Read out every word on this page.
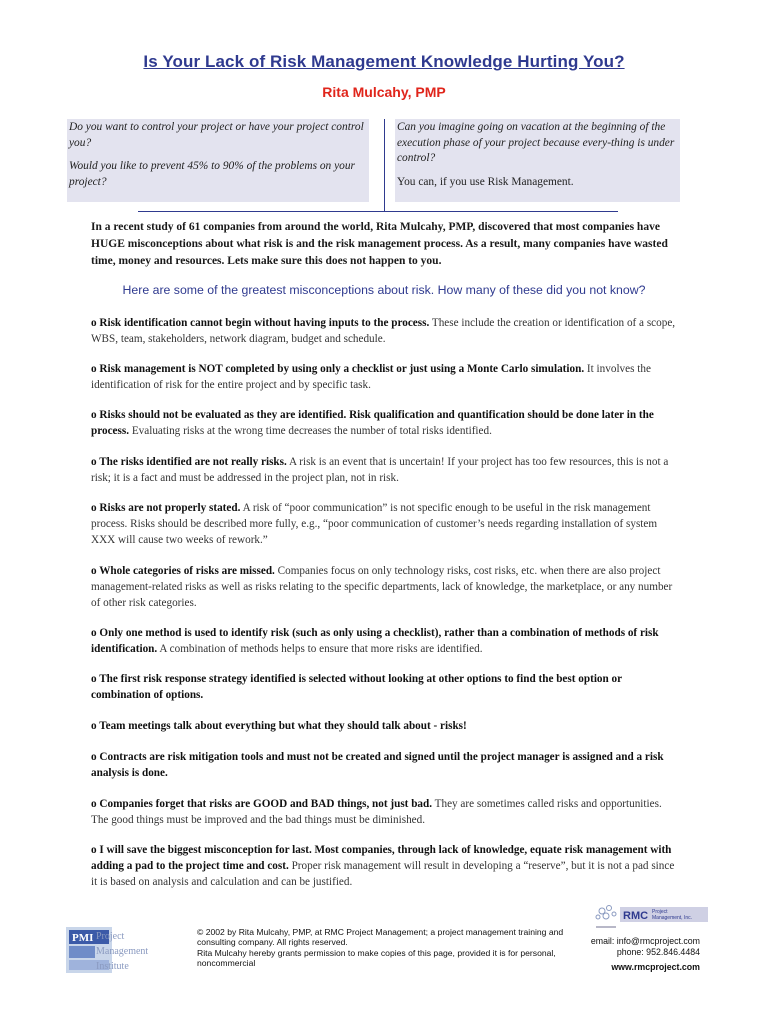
Is Your Lack of Risk Management Knowledge Hurting You?
Rita Mulcahy, PMP

Do you want to control your project or have your project control you?

Would you like to prevent 45% to 90% of the problems on your project?

Can you imagine going on vacation at the beginning of the execution phase of your project because every-thing is under control?

You can, if you use Risk Management.

In a recent study of 61 companies from around the world, Rita Mulcahy, PMP, discovered that most companies have HUGE misconceptions about what risk is and the risk management process. As a result, many companies have wasted time, money and resources. Lets make sure this does not happen to you.
Here are some of the greatest misconceptions about risk. How many of these did you not know?
o Risk identification cannot begin without having inputs to the process. These include the creation or identification of a scope, WBS, team, stakeholders, network diagram, budget and schedule.
o Risk management is NOT completed by using only a checklist or just using a Monte Carlo simulation. It involves the identification of risk for the entire project and by specific task.
o Risks should not be evaluated as they are identified. Risk qualification and quantification should be done later in the process. Evaluating risks at the wrong time decreases the number of total risks identified.
o The risks identified are not really risks. A risk is an event that is uncertain! If your project has too few resources, this is not a risk; it is a fact and must be addressed in the project plan, not in risk.
o Risks are not properly stated. A risk of “poor communication” is not specific enough to be useful in the risk management process. Risks should be described more fully, e.g., “poor communication of customer’s needs regarding installation of system XXX will cause two weeks of rework.”
o Whole categories of risks are missed. Companies focus on only technology risks, cost risks, etc. when there are also project management-related risks as well as risks relating to the specific departments, lack of knowledge, the marketplace, or any number of other risk categories.
o Only one method is used to identify risk (such as only using a checklist), rather than a combination of methods of risk identification. A combination of methods helps to ensure that more risks are identified.
o The first risk response strategy identified is selected without looking at other options to find the best option or combination of options.
o Team meetings talk about everything but what they should talk about - risks!
o Contracts are risk mitigation tools and must not be created and signed until the project manager is assigned and a risk analysis is done.
o Companies forget that risks are GOOD and BAD things, not just bad. They are sometimes called risks and opportunities. The good things must be improved and the bad things must be diminished.
o I will save the biggest misconception for last. Most companies, through lack of knowledge, equate risk management with adding a pad to the project time and cost. Proper risk management will result in developing a “reserve”, but it is not a pad since it is based on analysis and calculation and can be justified.
PMI Project
Management
Institute
© 2002 by Rita Mulcahy, PMP, at RMC Project Management; a project management training and consulting company. All rights reserved.
Rita Mulcahy hereby grants permission to make copies of this page, provided it is for personal, noncommercial
RMC Project
Management, Inc.
email: info@rmcproject.com
phone: 952.846.4484
www.rmcproject.com
